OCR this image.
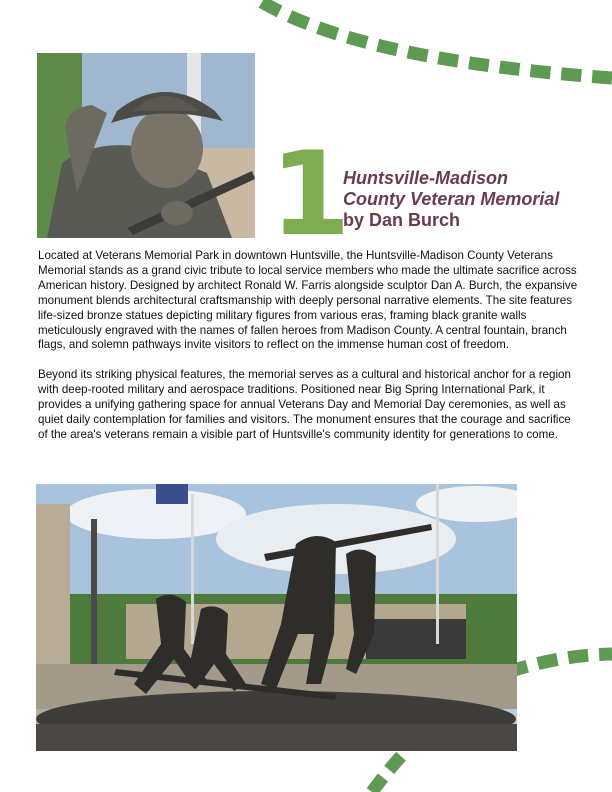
1
Huntsville-Madison
County Veteran Memorial
by Dan Burch

Located at Veterans Memorial Park in downtown Huntsville, the Huntsville-Madison County Veterans Memorial stands as a grand civic tribute to local service members who made the ultimate sacrifice across American history. Designed by architect Ronald W. Farris alongside sculptor Dan A. Burch, the expansive monument blends architectural craftsmanship with deeply personal narrative elements. The site features life-sized bronze statues depicting military figures from various eras, framing black granite walls meticulously engraved with the names of fallen heroes from Madison County. A central fountain, branch flags, and solemn pathways invite visitors to reflect on the immense human cost of freedom.

Beyond its striking physical features, the memorial serves as a cultural and historical anchor for a region with deep-rooted military and aerospace traditions. Positioned near Big Spring International Park, it provides a unifying gathering space for annual Veterans Day and Memorial Day ceremonies, as well as quiet daily contemplation for families and visitors. The monument ensures that the courage and sacrifice of the area's veterans remain a visible part of Huntsville's community identity for generations to come.
